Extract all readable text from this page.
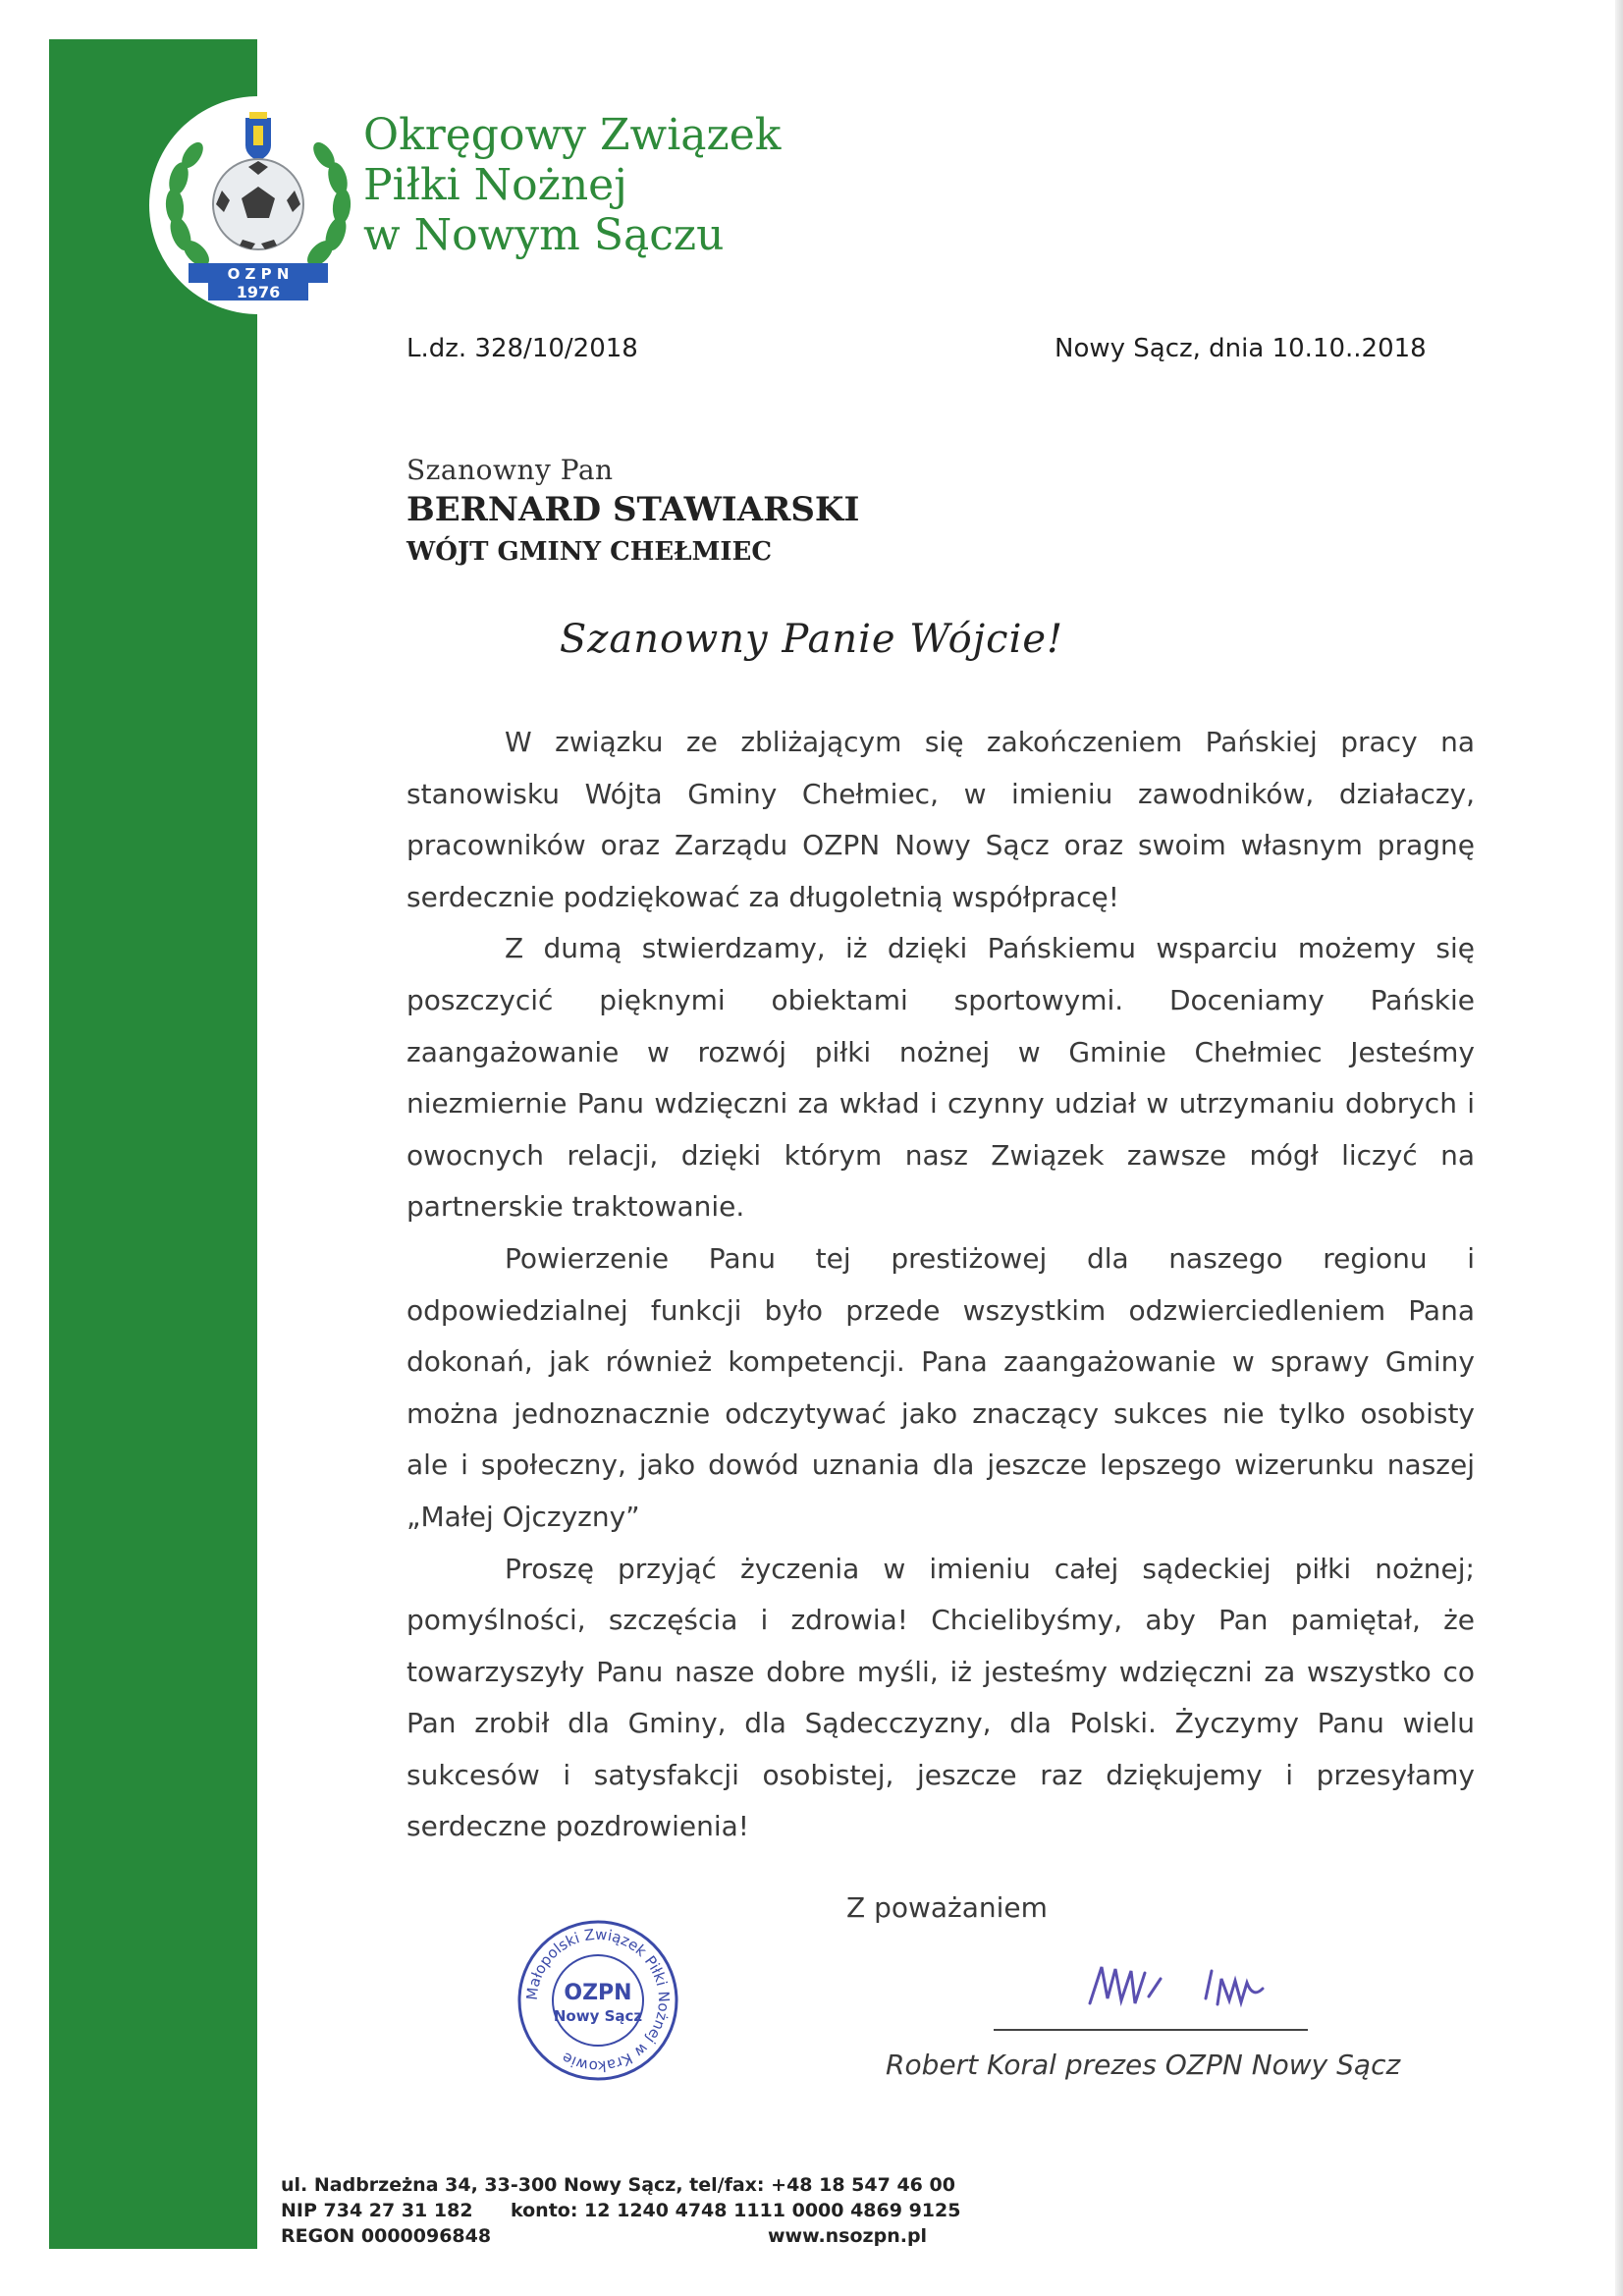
O Z P N
1976
Okręgowy Związek
Piłki Nożnej
w Nowym Sączu
L.dz. 328/10/2018	Nowy Sącz, dnia 10.10..2018
Szanowny Pan
BERNARD STAWIARSKI
WÓJT GMINY CHEŁMIEC
Szanowny Panie Wójcie!

W związku ze zbliżającym się zakończeniem Pańskiej pracy na stanowisku Wójta Gminy Chełmiec, w imieniu zawodników, działaczy, pracowników oraz Zarządu OZPN Nowy Sącz oraz swoim własnym pragnę serdecznie podziękować za długoletnią współpracę!

Z dumą stwierdzamy, iż dzięki Pańskiemu wsparciu możemy się poszczycić pięknymi obiektami sportowymi. Doceniamy Pańskie zaangażowanie w rozwój piłki nożnej w Gminie Chełmiec Jesteśmy niezmiernie Panu wdzięczni za wkład i czynny udział w utrzymaniu dobrych i owocnych relacji, dzięki którym nasz Związek zawsze mógł liczyć na partnerskie traktowanie.

Powierzenie Panu tej prestiżowej dla naszego regionu i odpowiedzialnej funkcji było przede wszystkim odzwierciedleniem Pana dokonań, jak również kompetencji. Pana zaangażowanie w sprawy Gminy można jednoznacznie odczytywać jako znaczący sukces nie tylko osobisty ale i społeczny, jako dowód uznania dla jeszcze lepszego wizerunku naszej „Małej Ojczyzny”

Proszę przyjąć życzenia w imieniu całej sądeckiej piłki nożnej; pomyślności, szczęścia i zdrowia! Chcielibyśmy, aby Pan pamiętał, że towarzyszyły Panu nasze dobre myśli, iż jesteśmy wdzięczni za wszystko co Pan zrobił dla Gminy, dla Sądecczyzny, dla Polski. Życzymy Panu wielu sukcesów i satysfakcji osobistej, jeszcze raz dziękujemy i przesyłamy serdeczne pozdrowienia!

Z poważaniem
Małopolski Związek Piłki Nożnej w Krakowie
OZPN
Nowy Sącz
Robert Koral prezes OZPN Nowy Sącz
ul. Nadbrzeżna 34, 33-300 Nowy Sącz, tel/fax: +48 18 547 46 00
NIP 734 27 31 182 konto: 12 1240 4748 1111 0000 4869 9125
REGON 0000096848	www.nsozpn.pl
